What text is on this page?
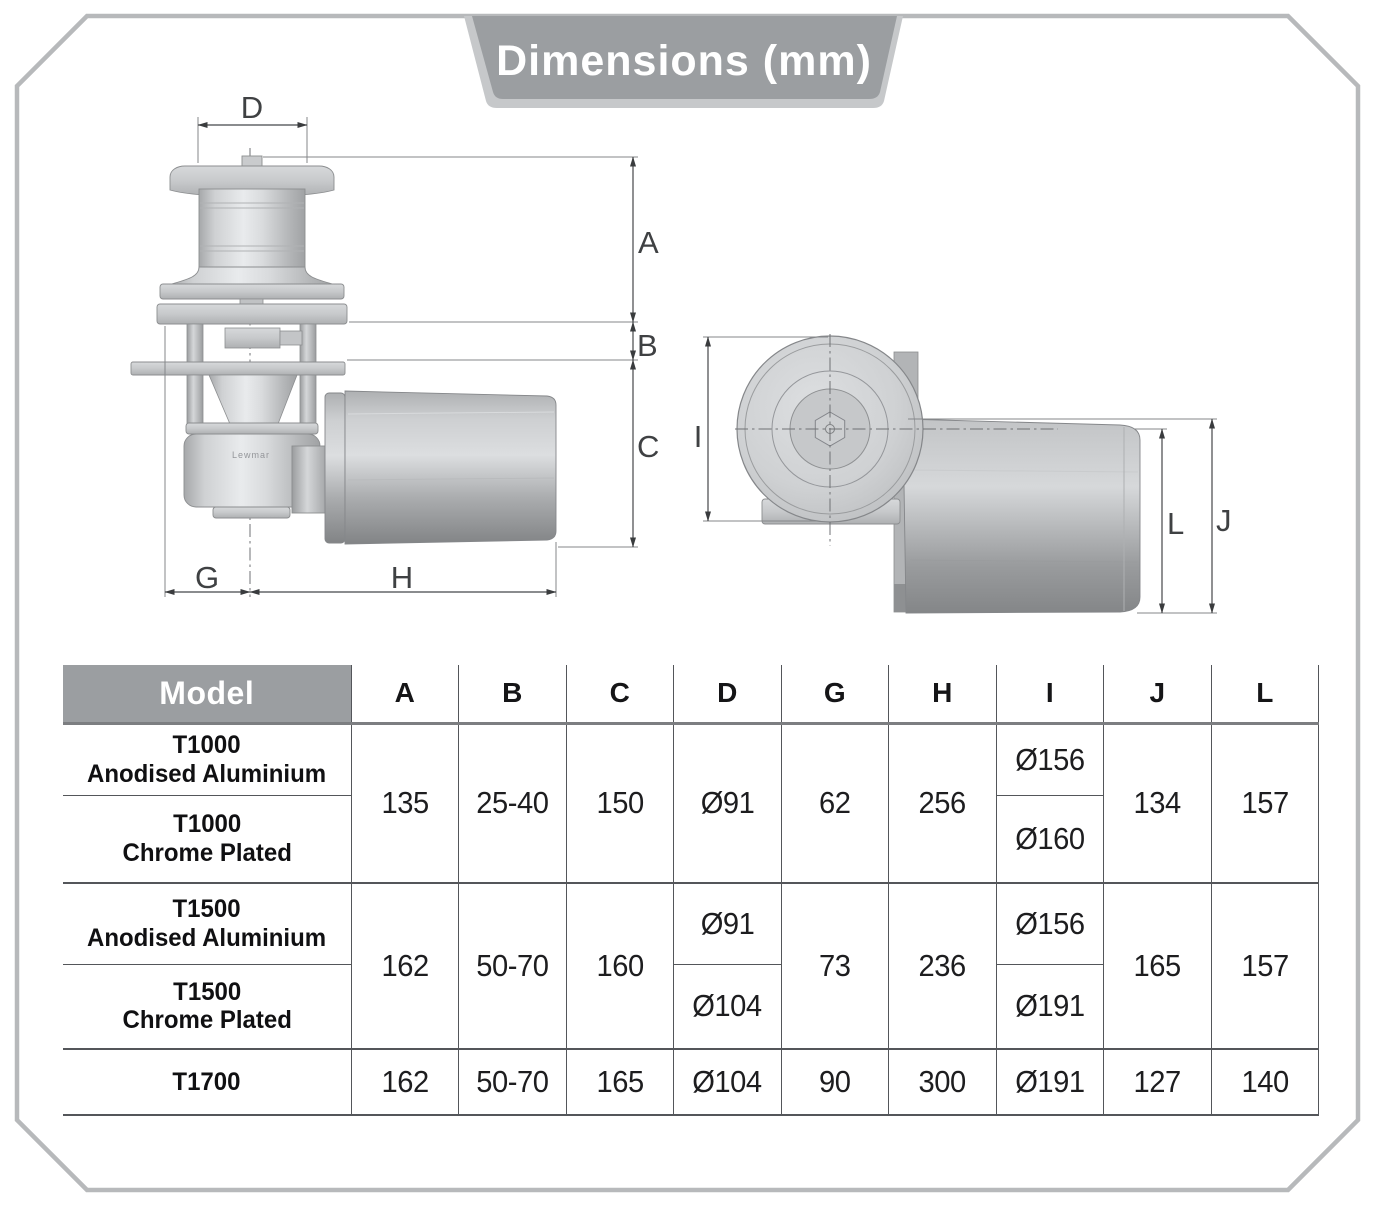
Dimensions (mm)
Lewmar
D
A
B
C
G	H
I
L J
Model	A	B	C	D	G	H	I	J	L
T1000
Anodised Aluminium	135	25-40	150	Ø91	62	256	Ø156	134	157
T1000
Chrome Plated							Ø160		
T1500
Anodised Aluminium	162	50-70	160	Ø91	73	236	Ø156	165	157
T1500
Chrome Plated				Ø104			Ø191		
T1700	162	50-70	165	Ø104	90	300	Ø191	127	140
